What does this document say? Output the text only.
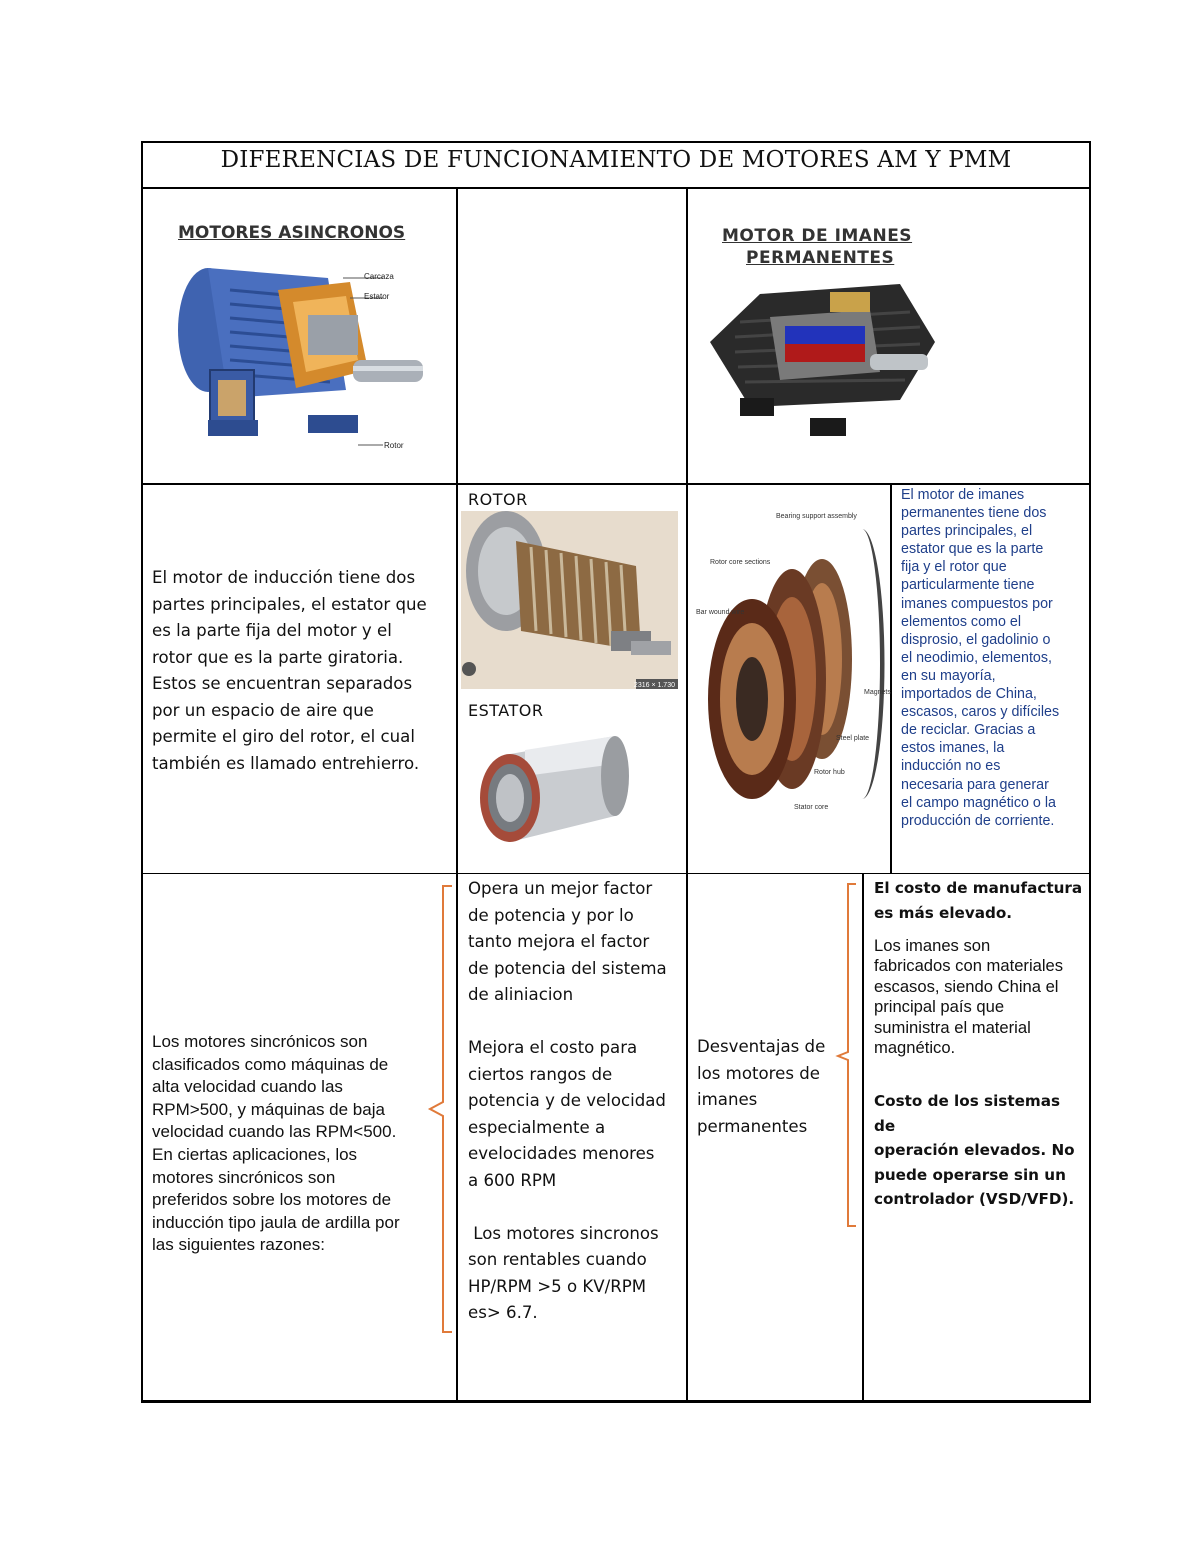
DIFERENCIAS DE FUNCIONAMIENTO DE MOTORES AM Y PMM
MOTORES ASINCRONOS
Carcaza
Estator
Rotor
MOTOR DE IMANES
PERMANENTES

El motor de inducción tiene dos

partes principales, el estator que

es la parte fija del motor y el

rotor que es la parte giratoria.

Estos se encuentran separados

por un espacio de aire que

permite el giro del rotor, el cual

también es llamado entrehierro.

ROTOR
2316 × 1.730
ESTATOR
Bearing support assembly
Rotor core sections
Bar wound wire
Magnets
Steel plate
Rotor hub
Stator core

El motor de imanes

permanentes tiene dos

partes principales, el

estator que es la parte

fija y el rotor que

particularmente tiene

imanes compuestos por

elementos como el

disprosio, el gadolinio o

el neodimio, elementos,

en su mayoría,

importados de China,

escasos, caros y difíciles

de reciclar. Gracias a

estos imanes, la

inducción no es

necesaria para generar

el campo magnético o la

producción de corriente.

Los motores sincrónicos son

clasificados como máquinas de

alta velocidad cuando las

RPM>500, y máquinas de baja

velocidad cuando las RPM<500.

En ciertas aplicaciones, los

motores sincrónicos son

preferidos sobre los motores de

inducción tipo jaula de ardilla por

las siguientes razones:

Opera un mejor factor

de potencia y por lo

tanto mejora el factor

de potencia del sistema

de aliniacion

Mejora el costo para

ciertos rangos de

potencia y de velocidad

especialmente a

evelocidades menores

a 600 RPM

Los motores sincronos

son rentables cuando

HP/RPM >5 o KV/RPM

es> 6.7.

Desventajas de

los motores de

imanes

permanentes

El costo de manufactura

es más elevado.

Los imanes son

fabricados con materiales

escasos, siendo China el

principal país que

suministra el material

magnético.

Costo de los sistemas de

operación elevados. No

puede operarse sin un

controlador (VSD/VFD).
